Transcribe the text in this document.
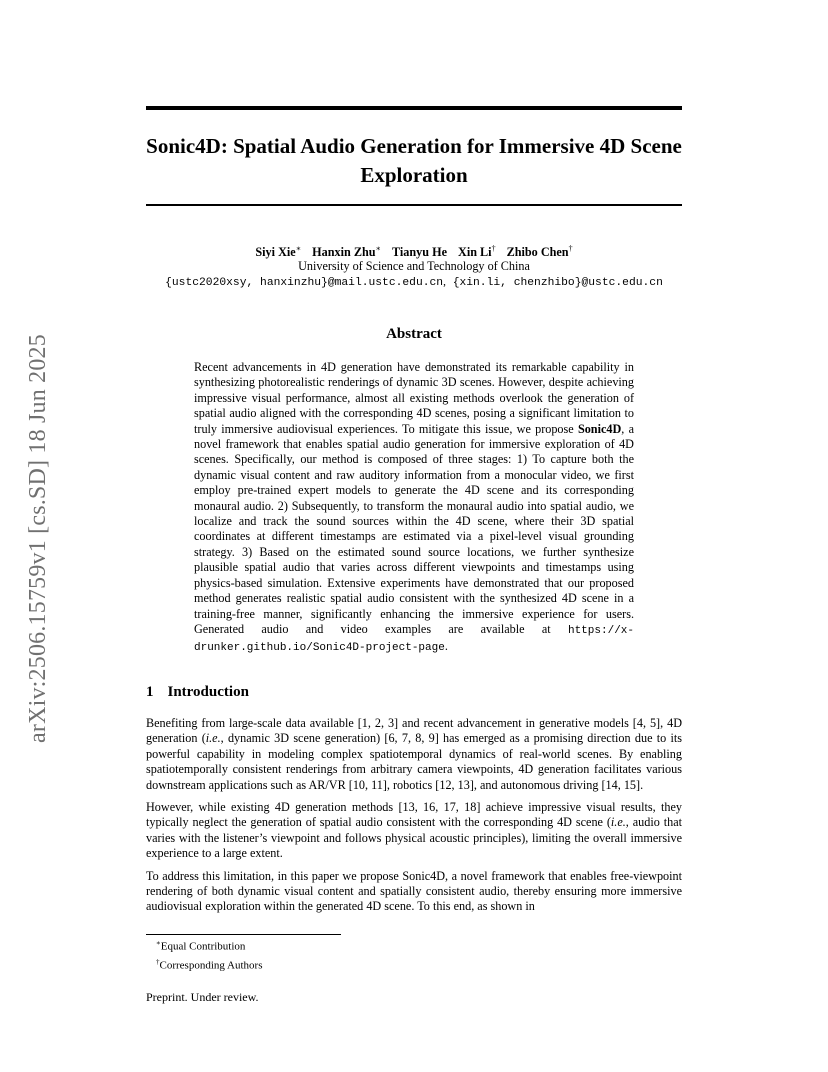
arXiv:2506.15759v1 [cs.SD] 18 Jun 2025
Sonic4D: Spatial Audio Generation for Immersive 4D Scene Exploration
Siyi Xie∗ Hanxin Zhu∗ Tianyu He Xin Li† Zhibo Chen†
University of Science and Technology of China
{ustc2020xsy, hanxinzhu}@mail.ustc.edu.cn, {xin.li, chenzhibo}@ustc.edu.cn
Abstract
Recent advancements in 4D generation have demonstrated its remarkable capability in synthesizing photorealistic renderings of dynamic 3D scenes. However, despite achieving impressive visual performance, almost all existing methods overlook the generation of spatial audio aligned with the corresponding 4D scenes, posing a significant limitation to truly immersive audiovisual experiences. To mitigate this issue, we propose Sonic4D, a novel framework that enables spatial audio generation for immersive exploration of 4D scenes. Specifically, our method is composed of three stages: 1) To capture both the dynamic visual content and raw auditory information from a monocular video, we first employ pre-trained expert models to generate the 4D scene and its corresponding monaural audio. 2) Subsequently, to transform the monaural audio into spatial audio, we localize and track the sound sources within the 4D scene, where their 3D spatial coordinates at different timestamps are estimated via a pixel-level visual grounding strategy. 3) Based on the estimated sound source locations, we further synthesize plausible spatial audio that varies across different viewpoints and timestamps using physics-based simulation. Extensive experiments have demonstrated that our proposed method generates realistic spatial audio consistent with the synthesized 4D scene in a training-free manner, significantly enhancing the immersive experience for users. Generated audio and video examples are available at https://x-drunker.github.io/Sonic4D-project-page.
1 Introduction

Benefiting from large-scale data available [1, 2, 3] and recent advancement in generative models [4, 5], 4D generation (i.e., dynamic 3D scene generation) [6, 7, 8, 9] has emerged as a promising direction due to its powerful capability in modeling complex spatiotemporal dynamics of real-world scenes. By enabling spatiotemporally consistent renderings from arbitrary camera viewpoints, 4D generation facilitates various downstream applications such as AR/VR [10, 11], robotics [12, 13], and autonomous driving [14, 15].

However, while existing 4D generation methods [13, 16, 17, 18] achieve impressive visual results, they typically neglect the generation of spatial audio consistent with the corresponding 4D scene (i.e., audio that varies with the listener’s viewpoint and follows physical acoustic principles), limiting the overall immersive experience to a large extent.

To address this limitation, in this paper we propose Sonic4D, a novel framework that enables free-viewpoint rendering of both dynamic visual content and spatially consistent audio, thereby ensuring more immersive audiovisual exploration within the generated 4D scene. To this end, as shown in

∗Equal Contribution
†Corresponding Authors
Preprint. Under review.
